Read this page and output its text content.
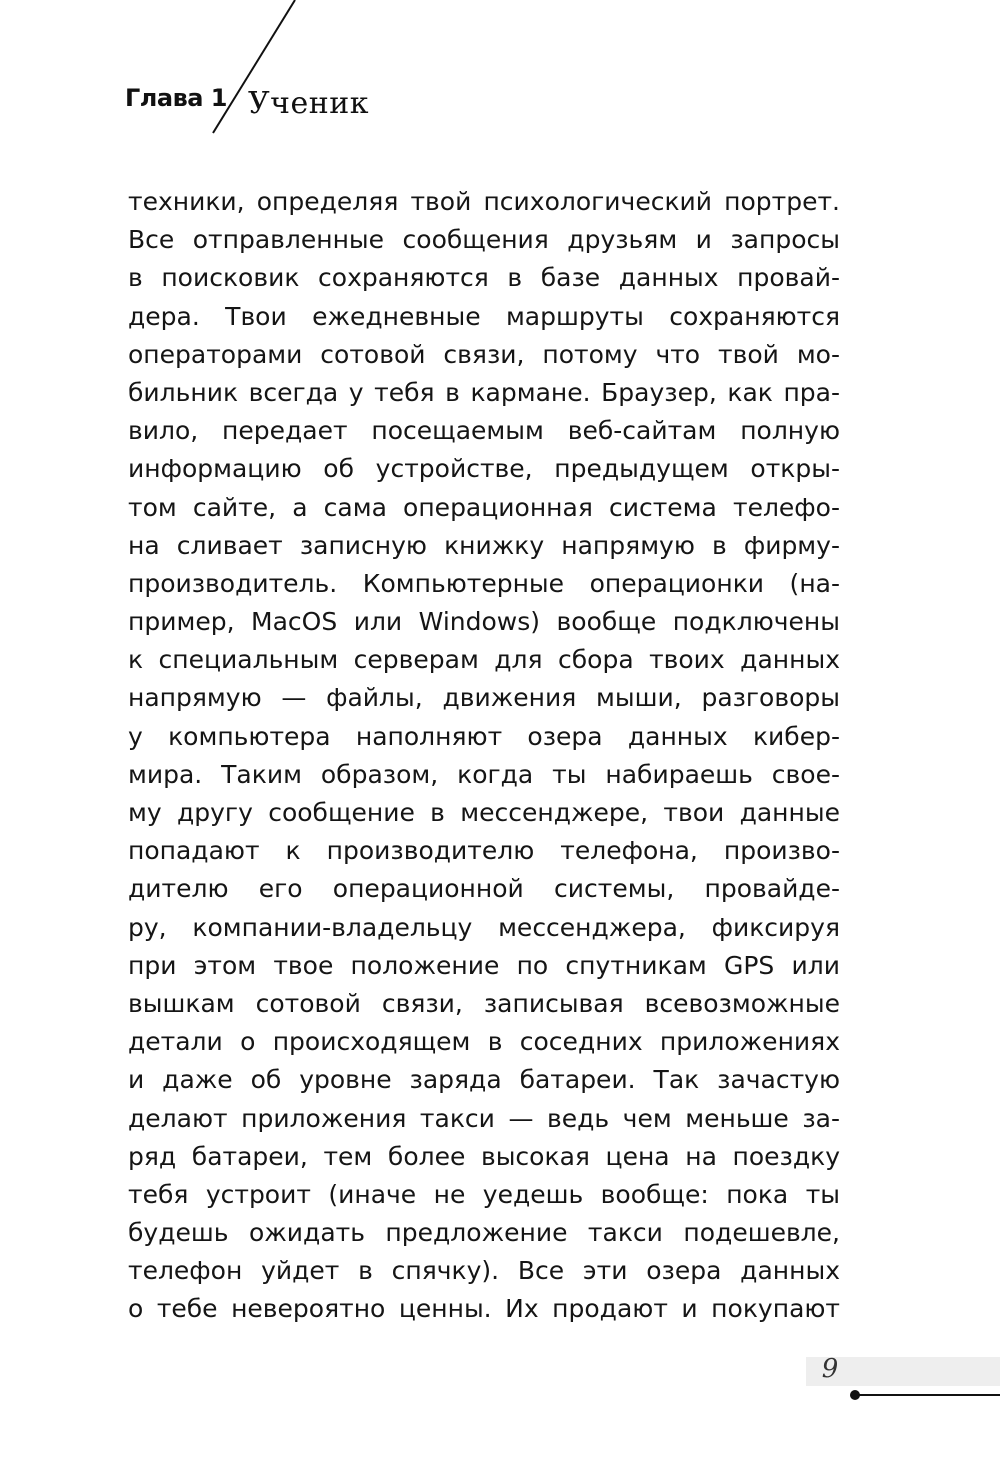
Глава 1 Ученик
техники, определяя твой психологический портрет.
Все отправленные сообщения друзьям и запросы
в поисковик сохраняются в базе данных провай-
дера. Твои ежедневные маршруты сохраняются
операторами сотовой связи, потому что твой мо-
бильник всегда у тебя в кармане. Браузер, как пра-
вило, передает посещаемым веб-сайтам полную
информацию об устройстве, предыдущем откры-
том сайте, а сама операционная система телефо-
на сливает записную книжку напрямую в фирму-
производитель. Компьютерные операционки (на-
пример, MacOS или Windows) вообще подключены
к специальным серверам для сбора твоих данных
напрямую — файлы, движения мыши, разговоры
у компьютера наполняют озера данных кибер-
мира. Таким образом, когда ты набираешь свое-
му другу сообщение в мессенджере, твои данные
попадают к производителю телефона, произво-
дителю его операционной системы, провайде-
ру, компании-владельцу мессенджера, фиксируя
при этом твое положение по спутникам GPS или
вышкам сотовой связи, записывая всевозможные
детали о происходящем в соседних приложениях
и даже об уровне заряда батареи. Так зачастую
делают приложения такси — ведь чем меньше за-
ряд батареи, тем более высокая цена на поездку
тебя устроит (иначе не уедешь вообще: пока ты
будешь ожидать предложение такси подешевле,
телефон уйдет в спячку). Все эти озера данных
о тебе невероятно ценны. Их продают и покупают
9
